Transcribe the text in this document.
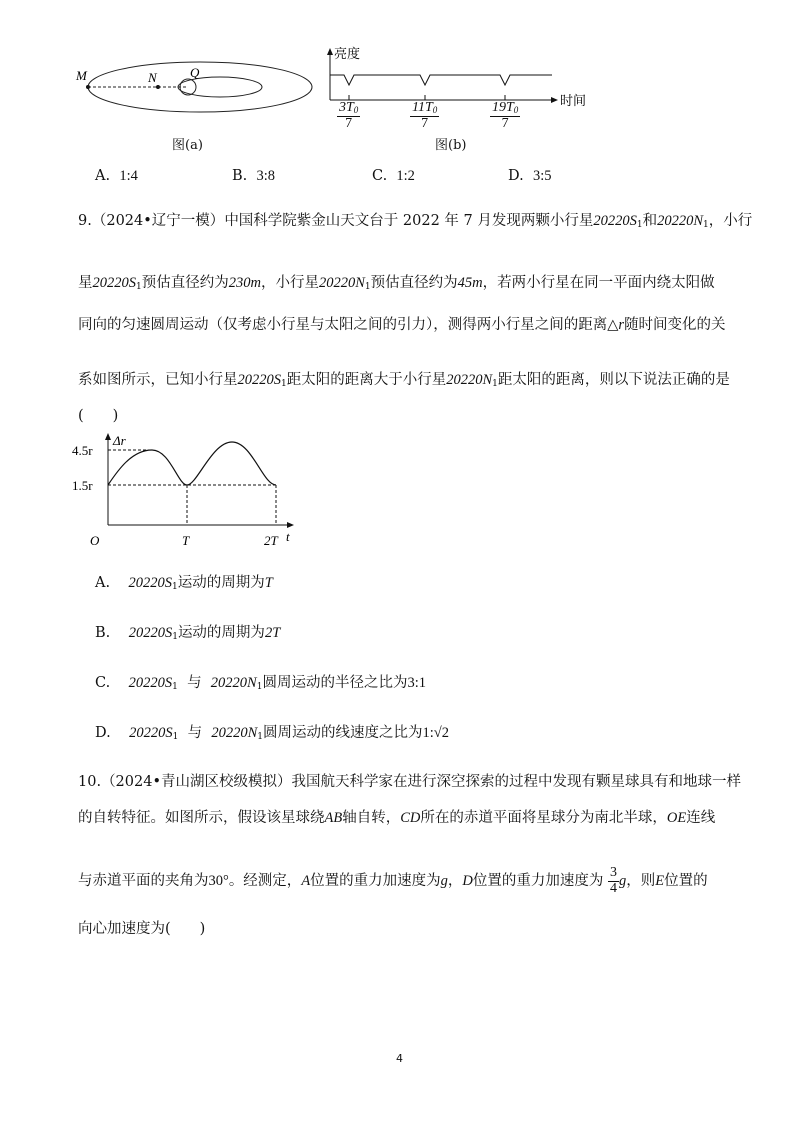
M	N	Q
图(a)
亮度
时间
$\frac{3T_0}{7}$	$\frac{11T_0}{7}$	$\frac{19T_0}{7}$
图(b)
A. 1:4	B. 3:8	C. 1:2	D. 3:5
9.（2024•辽宁一模）中国科学院紫金山天文台于 2022 年 7 月发现两颗小行星$20220S_1$和$20220N_1$，小行
星$20220S_1$预估直径约为230m，小行星$20220N_1$预估直径约为45m，若两小行星在同一平面内绕太阳做
同向的匀速圆周运动（仅考虑小行星与太阳之间的引力），测得两小行星之间的距离△r随时间变化的关
系如图所示，已知小行星$20220S_1$距太阳的距离大于小行星$20220N_1$距太阳的距离，则以下说法正确的是
(　　)
Δr
4.5r
1.5r
O	T	2T t
A. $20220S_1$运动的周期为T
B. $20220S_1$运动的周期为2T
C. $20220S_1$ 与 $20220N_1$圆周运动的半径之比为3:1
D. $20220S_1$ 与 $20220N_1$圆周运动的线速度之比为1:√2
10.（2024•青山湖区校级模拟）我国航天科学家在进行深空探索的过程中发现有颗星球具有和地球一样
的自转特征。如图所示，假设该星球绕AB轴自转，CD所在的赤道平面将星球分为南北半球，OE连线
与赤道平面的夹角为30°。经测定，A位置的重力加速度为g，D位置的重力加速度为 $\frac{3}{4}$ g，则E位置的
向心加速度为(　　)
4
